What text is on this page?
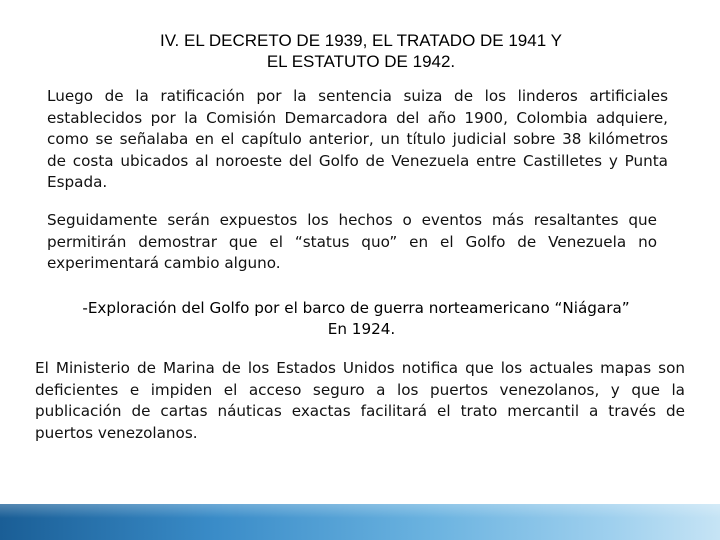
IV. EL DECRETO DE 1939, EL TRATADO DE 1941 Y
EL ESTATUTO DE 1942.

Luego de la ratificación por la sentencia suiza de los linderos artificiales establecidos por la Comisión Demarcadora del año 1900, Colombia adquiere, como se señalaba en el capítulo anterior, un título judicial sobre 38 kilómetros de costa ubicados al noroeste del Golfo de Venezuela entre Castilletes y Punta Espada.

Seguidamente serán expuestos los hechos o eventos más resaltantes que permitirán demostrar que el “status quo” en el Golfo de Venezuela no experimentará cambio alguno.

-Exploración del Golfo por el barco de guerra norteamericano “Niágara”
En 1924.

El Ministerio de Marina de los Estados Unidos notifica que los actuales mapas son deficientes e impiden el acceso seguro a los puertos venezolanos, y que la publicación de cartas náuticas exactas facilitará el trato mercantil a través de puertos venezolanos.
